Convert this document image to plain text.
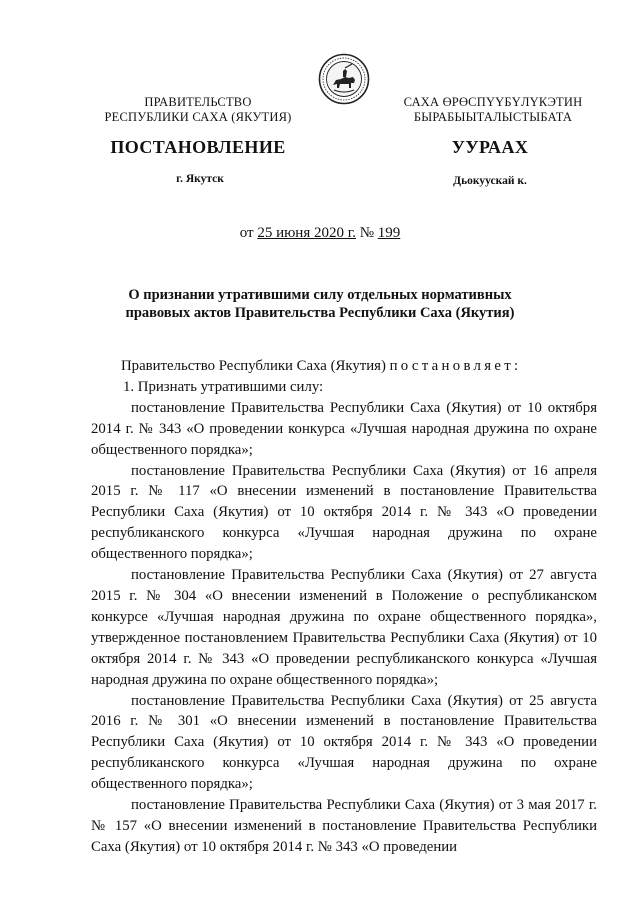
ПРАВИТЕЛЬСТВО
РЕСПУБЛИКИ САХА (ЯКУТИЯ)
САХА ӨРӨСПҮҮБҮЛҮКЭТИН
БЫРАБЫЫТАЛЫСТЫБАТА
ПОСТАНОВЛЕНИЕ	УУРААХ
г. Якутск	Дьокуускай к.
от 25 июня 2020 г. № 199
О признании утратившими силу отдельных нормативных
правовых актов Правительства Республики Саха (Якутия)

Правительство Республики Саха (Якутия) постановляет:

1. Признать утратившими силу:

постановление Правительства Республики Саха (Якутия) от 10 октября 2014 г. № 343 «О проведении конкурса «Лучшая народная дружина по охране общественного порядка»;

постановление Правительства Республики Саха (Якутия) от 16 апреля 2015 г. № 117 «О внесении изменений в постановление Правительства Республики Саха (Якутия) от 10 октября 2014 г. № 343 «О проведении республиканского конкурса «Лучшая народная дружина по охране общественного порядка»;

постановление Правительства Республики Саха (Якутия) от 27 августа 2015 г. № 304 «О внесении изменений в Положение о республиканском конкурсе «Лучшая народная дружина по охране общественного порядка», утвержденное постановлением Правительства Республики Саха (Якутия) от 10 октября 2014 г. № 343 «О проведении республиканского конкурса «Лучшая народная дружина по охране общественного порядка»;

постановление Правительства Республики Саха (Якутия) от 25 августа 2016 г. № 301 «О внесении изменений в постановление Правительства Республики Саха (Якутия) от 10 октября 2014 г. № 343 «О проведении республиканского конкурса «Лучшая народная дружина по охране общественного порядка»;

постановление Правительства Республики Саха (Якутия) от 3 мая 2017 г. № 157 «О внесении изменений в постановление Правительства Республики Саха (Якутия) от 10 октября 2014 г. № 343 «О проведении
